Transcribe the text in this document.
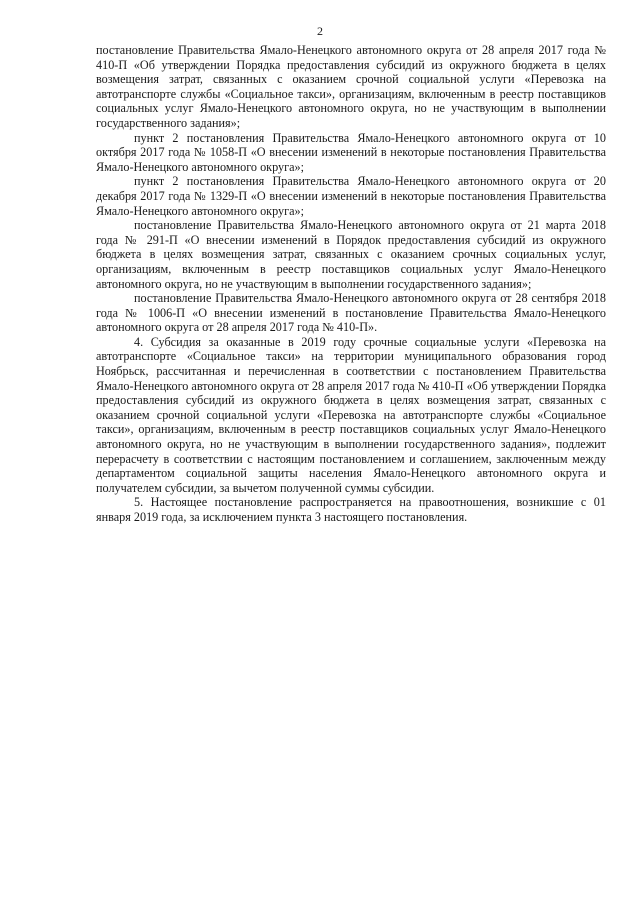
2

постановление Правительства Ямало-Ненецкого автономного округа от 28 апреля 2017 года № 410-П «Об утверждении Порядка предоставления субсидий из окружного бюджета в целях возмещения затрат, связанных с оказанием срочной социальной услуги «Перевозка на автотранспорте службы «Социальное такси», организациям, включенным в реестр поставщиков социальных услуг Ямало-Ненецкого автономного округа, но не участвующим в выполнении государственного задания»;

пункт 2 постановления Правительства Ямало-Ненецкого автономного округа от 10 октября 2017 года № 1058-П «О внесении изменений в некоторые постановления Правительства Ямало-Ненецкого автономного округа»;

пункт 2 постановления Правительства Ямало-Ненецкого автономного округа от 20 декабря 2017 года № 1329-П «О внесении изменений в некоторые постановления Правительства Ямало-Ненецкого автономного округа»;

постановление Правительства Ямало-Ненецкого автономного округа от 21 марта 2018 года № 291-П «О внесении изменений в Порядок предоставления субсидий из окружного бюджета в целях возмещения затрат, связанных с оказанием срочных социальных услуг, организациям, включенным в реестр поставщиков социальных услуг Ямало-Ненецкого автономного округа, но не участвующим в выполнении государственного задания»;

постановление Правительства Ямало-Ненецкого автономного округа от 28 сентября 2018 года № 1006-П «О внесении изменений в постановление Правительства Ямало-Ненецкого автономного округа от 28 апреля 2017 года № 410-П».

4. Субсидия за оказанные в 2019 году срочные социальные услуги «Перевозка на автотранспорте «Социальное такси» на территории муниципального образования город Ноябрьск, рассчитанная и перечисленная в соответствии с постановлением Правительства Ямало-Ненецкого автономного округа от 28 апреля 2017 года № 410-П «Об утверждении Порядка предоставления субсидий из окружного бюджета в целях возмещения затрат, связанных с оказанием срочной социальной услуги «Перевозка на автотранспорте службы «Социальное такси», организациям, включенным в реестр поставщиков социальных услуг Ямало-Ненецкого автономного округа, но не участвующим в выполнении государственного задания», подлежит перерасчету в соответствии с настоящим постановлением и соглашением, заключенным между департаментом социальной защиты населения Ямало-Ненецкого автономного округа и получателем субсидии, за вычетом полученной суммы субсидии.

5. Настоящее постановление распространяется на правоотношения, возникшие с 01 января 2019 года, за исключением пункта 3 настоящего постановления.
